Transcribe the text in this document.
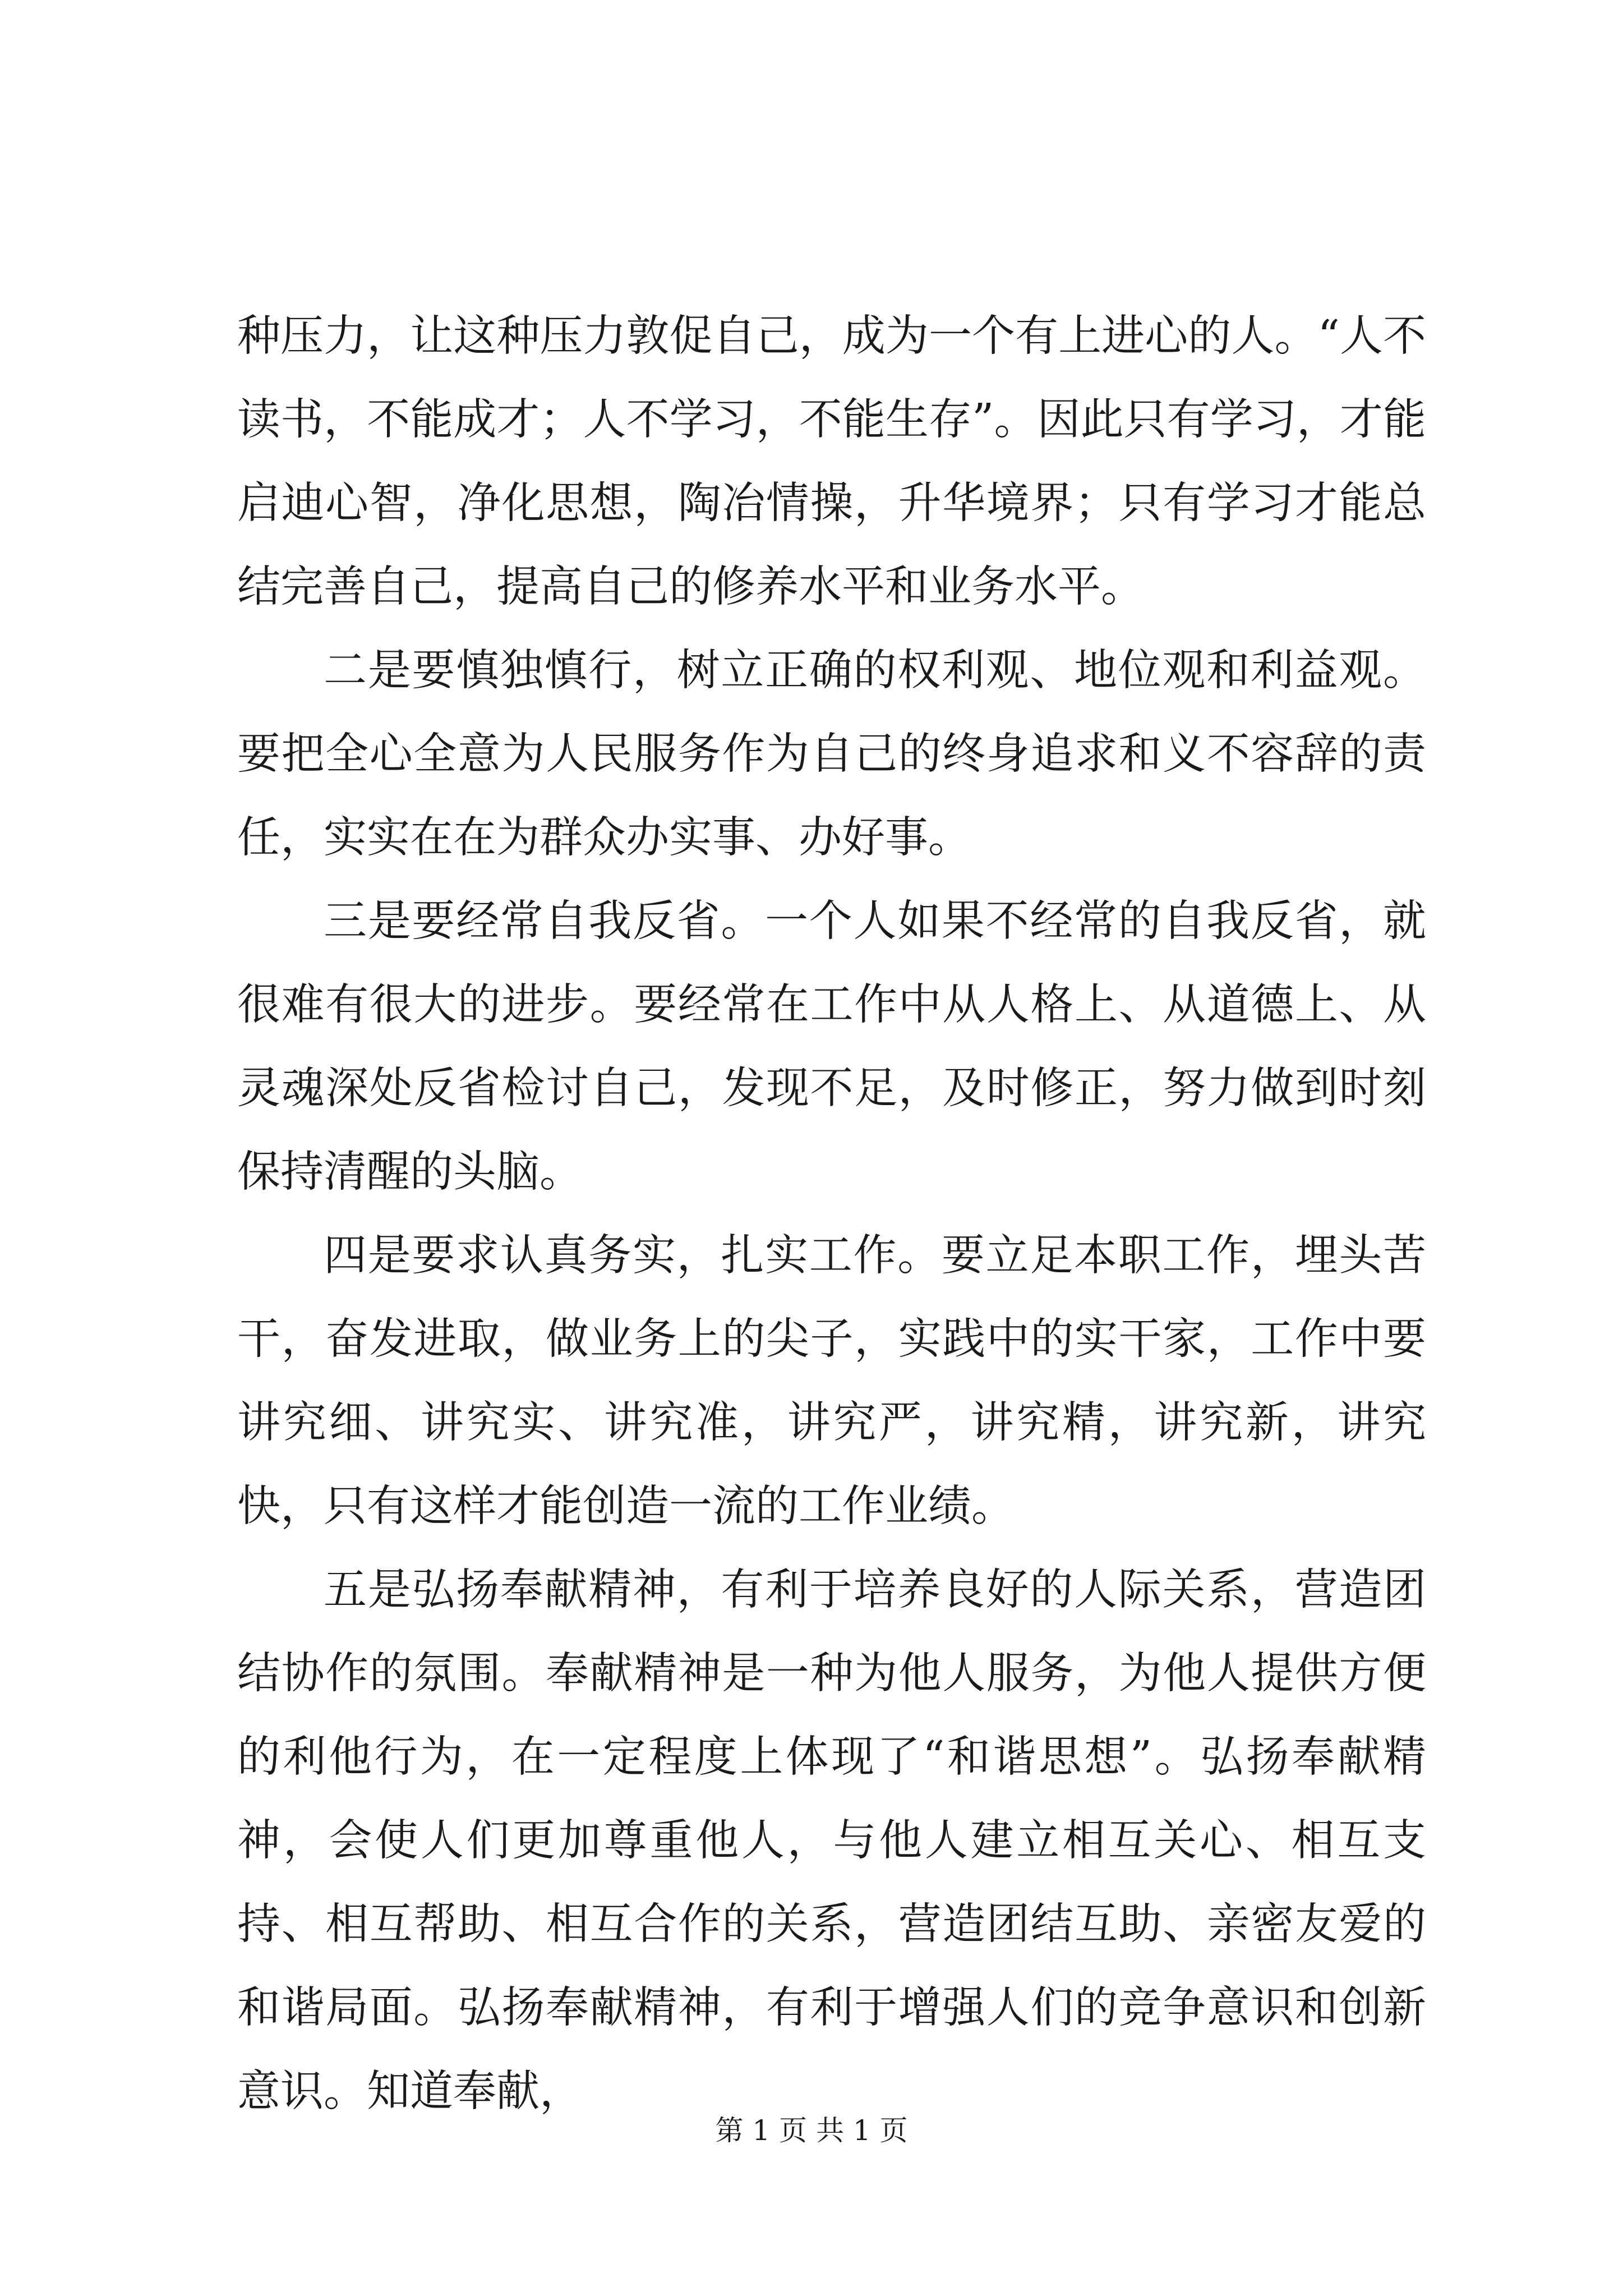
种压力，让这种压力敦促自己，成为一个有上进心的人。“人不读书，不能成才；人不学习，不能生存”。因此只有学习，才能启迪心智，净化思想，陶冶情操，升华境界；只有学习才能总结完善自己，提高自己的修养水平和业务水平。

二是要慎独慎行，树立正确的权利观、地位观和利益观。要把全心全意为人民服务作为自己的终身追求和义不容辞的责任，实实在在为群众办实事、办好事。

三是要经常自我反省。一个人如果不经常的自我反省，就很难有很大的进步。要经常在工作中从人格上、从道德上、从灵魂深处反省检讨自己，发现不足，及时修正，努力做到时刻保持清醒的头脑。

四是要求认真务实，扎实工作。要立足本职工作，埋头苦干，奋发进取，做业务上的尖子，实践中的实干家，工作中要讲究细、讲究实、讲究准，讲究严，讲究精，讲究新，讲究快，只有这样才能创造一流的工作业绩。

五是弘扬奉献精神，有利于培养良好的人际关系，营造团结协作的氛围。奉献精神是一种为他人服务，为他人提供方便的利他行为，在一定程度上体现了“和谐思想”。弘扬奉献精神，会使人们更加尊重他人，与他人建立相互关心、相互支持、相互帮助、相互合作的关系，营造团结互助、亲密友爱的和谐局面。弘扬奉献精神，有利于增强人们的竞争意识和创新意识。知道奉献，

第 1 页 共 1 页
